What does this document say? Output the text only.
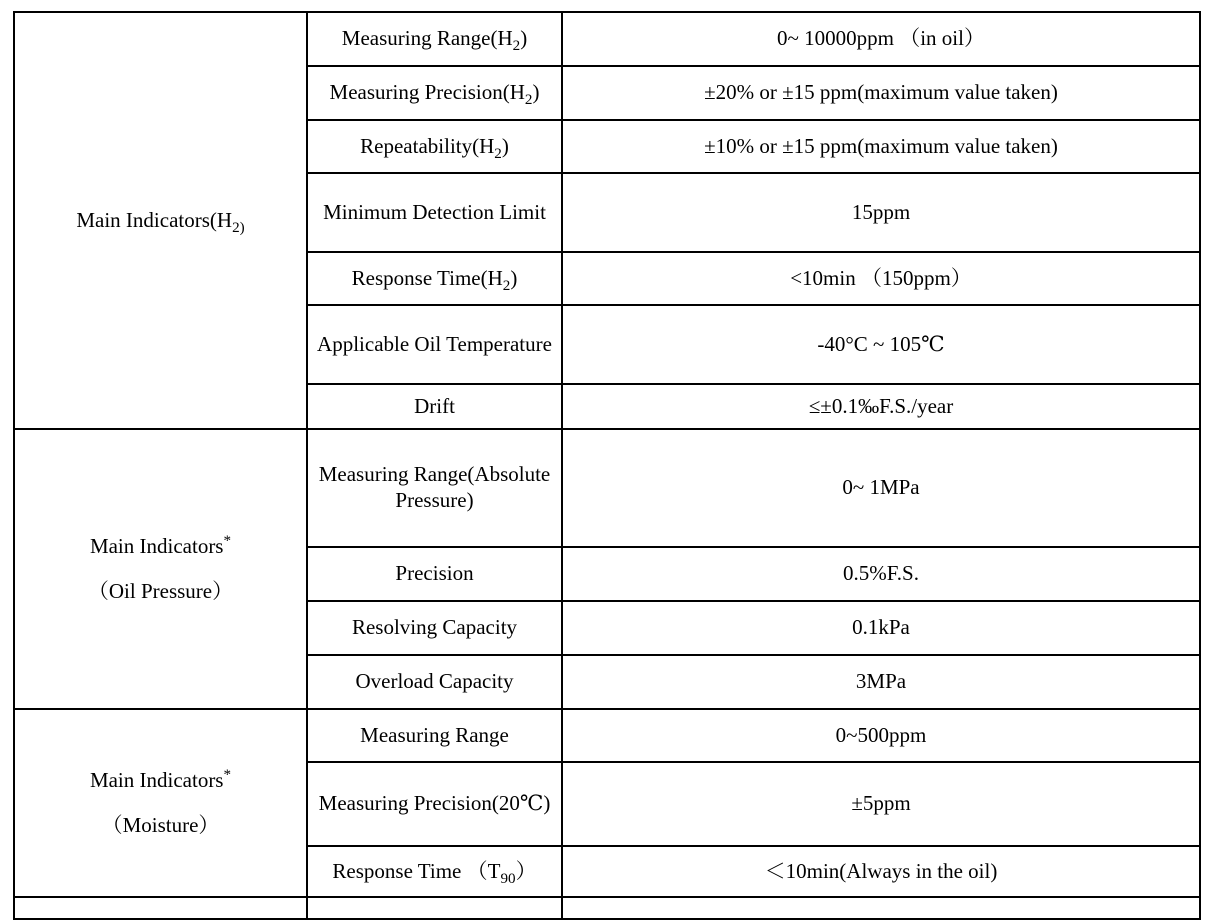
Main $Indicators(H_{2)}$	Measuring $Range(H_2)$	0~ 10000ppm （in oil）
	Measuring $Precision(H_2)$	±20% or ±15 ppm(maximum value taken)
	$Repeatability(H_2)$	±10% or ±15 ppm(maximum value taken)
	Minimum Detection Limit	15ppm
	Response $Time(H_2)$	<10min （150ppm）
	Applicable Oil Temperature	-40°C ~ 105℃
	Drift	≤±0.1‰F.S./year

Main Indicators*
（Oil Pressure）	Measuring Range(Absolute Pressure)	0~ 1MPa
	Precision	0.5%F.S.
	Resolving Capacity	0.1kPa
	Overload Capacity	3MPa

Main Indicators*
（Moisture）	Measuring Range	0~500ppm
	Measuring Precision(20℃)	±5ppm
	Response Time $(T_{90})$	＜10min(Always in the oil)
